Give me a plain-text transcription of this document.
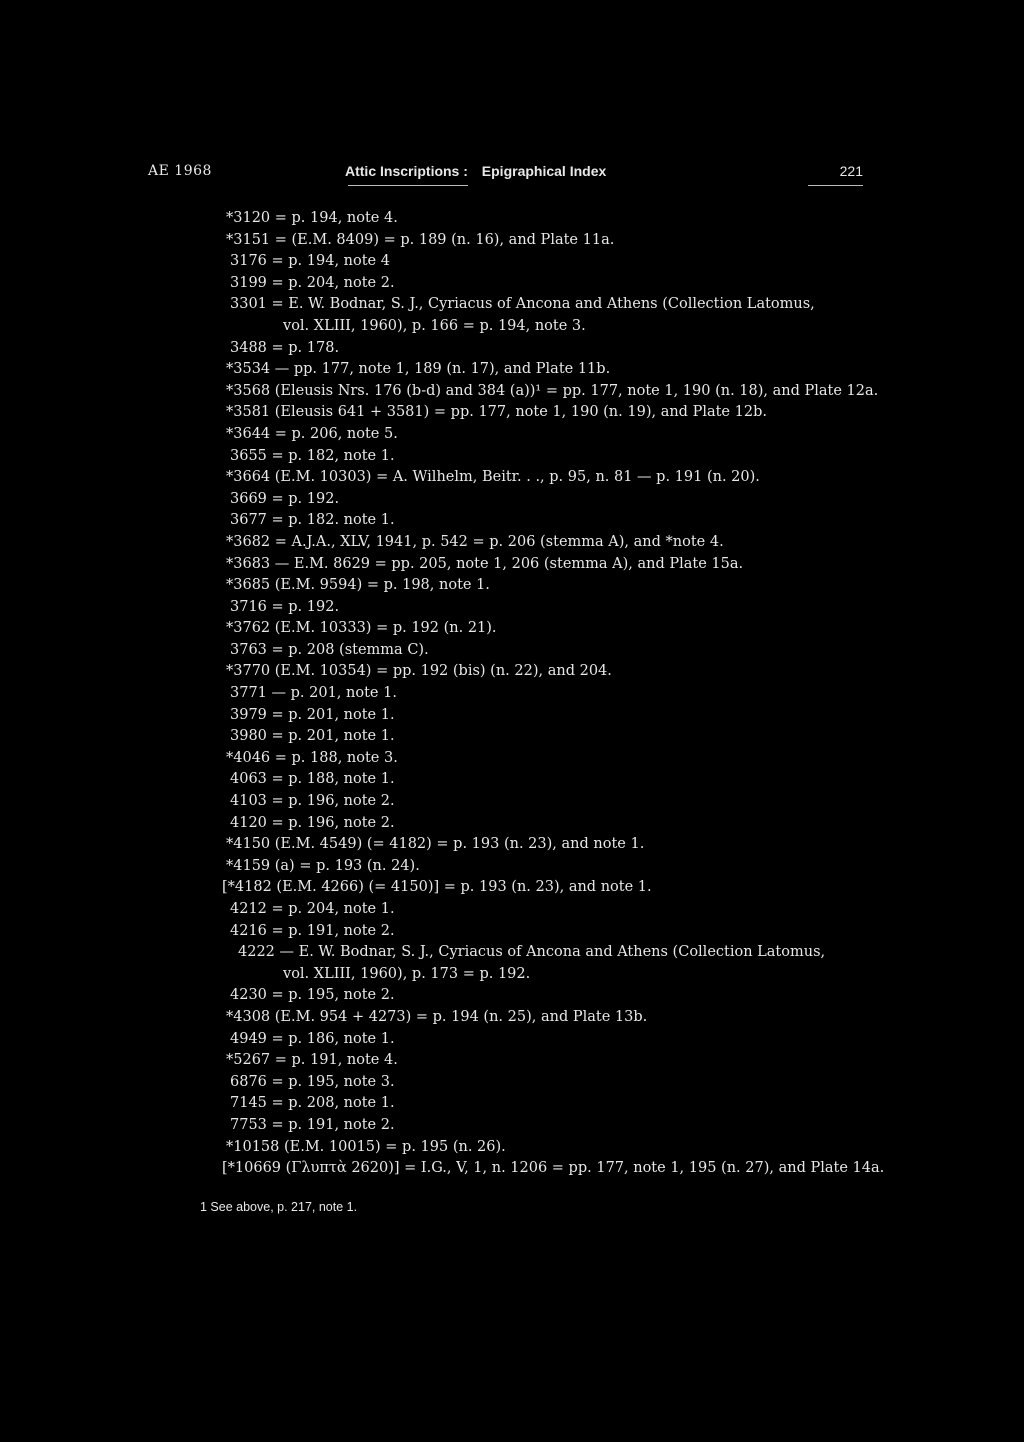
ΑΕ 1968	Attic Inscriptions : Epigraphical Index	221
*3120 = p. 194, note 4.
*3151 = (E.M. 8409) = p. 189 (n. 16), and Plate 11a.
3176 = p. 194, note 4
3199 = p. 204, note 2.
3301 = E. W. Bodnar, S. J., Cyriacus of Ancona and Athens (Collection Latomus,
vol. XLIII, 1960), p. 166 = p. 194, note 3.
3488 = p. 178.
*3534 — pp. 177, note 1, 189 (n. 17), and Plate 11b.
*3568 (Eleusis Nrs. 176 (b-d) and 384 (a))¹ = pp. 177, note 1, 190 (n. 18), and Plate 12a.
*3581 (Eleusis 641 + 3581) = pp. 177, note 1, 190 (n. 19), and Plate 12b.
*3644 = p. 206, note 5.
3655 = p. 182, note 1.
*3664 (E.M. 10303) = A. Wilhelm, Beitr. . ., p. 95, n. 81 — p. 191 (n. 20).
3669 = p. 192.
3677 = p. 182. note 1.
*3682 = A.J.A., XLV, 1941, p. 542 = p. 206 (stemma A), and *note 4.
*3683 — E.M. 8629 = pp. 205, note 1, 206 (stemma A), and Plate 15a.
*3685 (E.M. 9594) = p. 198, note 1.
3716 = p. 192.
*3762 (E.M. 10333) = p. 192 (n. 21).
3763 = p. 208 (stemma C).
*3770 (E.M. 10354) = pp. 192 (bis) (n. 22), and 204.
3771 — p. 201, note 1.
3979 = p. 201, note 1.
3980 = p. 201, note 1.
*4046 = p. 188, note 3.
4063 = p. 188, note 1.
4103 = p. 196, note 2.
4120 = p. 196, note 2.
*4150 (E.M. 4549) (= 4182) = p. 193 (n. 23), and note 1.
*4159 (a) = p. 193 (n. 24).
[*4182 (E.M. 4266) (= 4150)] = p. 193 (n. 23), and note 1.
4212 = p. 204, note 1.
4216 = p. 191, note 2.
4222 — E. W. Bodnar, S. J., Cyriacus of Ancona and Athens (Collection Latomus,
vol. XLIII, 1960), p. 173 = p. 192.
4230 = p. 195, note 2.
*4308 (E.M. 954 + 4273) = p. 194 (n. 25), and Plate 13b.
4949 = p. 186, note 1.
*5267 = p. 191, note 4.
6876 = p. 195, note 3.
7145 = p. 208, note 1.
7753 = p. 191, note 2.
*10158 (E.M. 10015) = p. 195 (n. 26).
[*10669 (Γλυπτὰ 2620)] = I.G., V, 1, n. 1206 = pp. 177, note 1, 195 (n. 27), and Plate 14a.
1 See above, p. 217, note 1.
